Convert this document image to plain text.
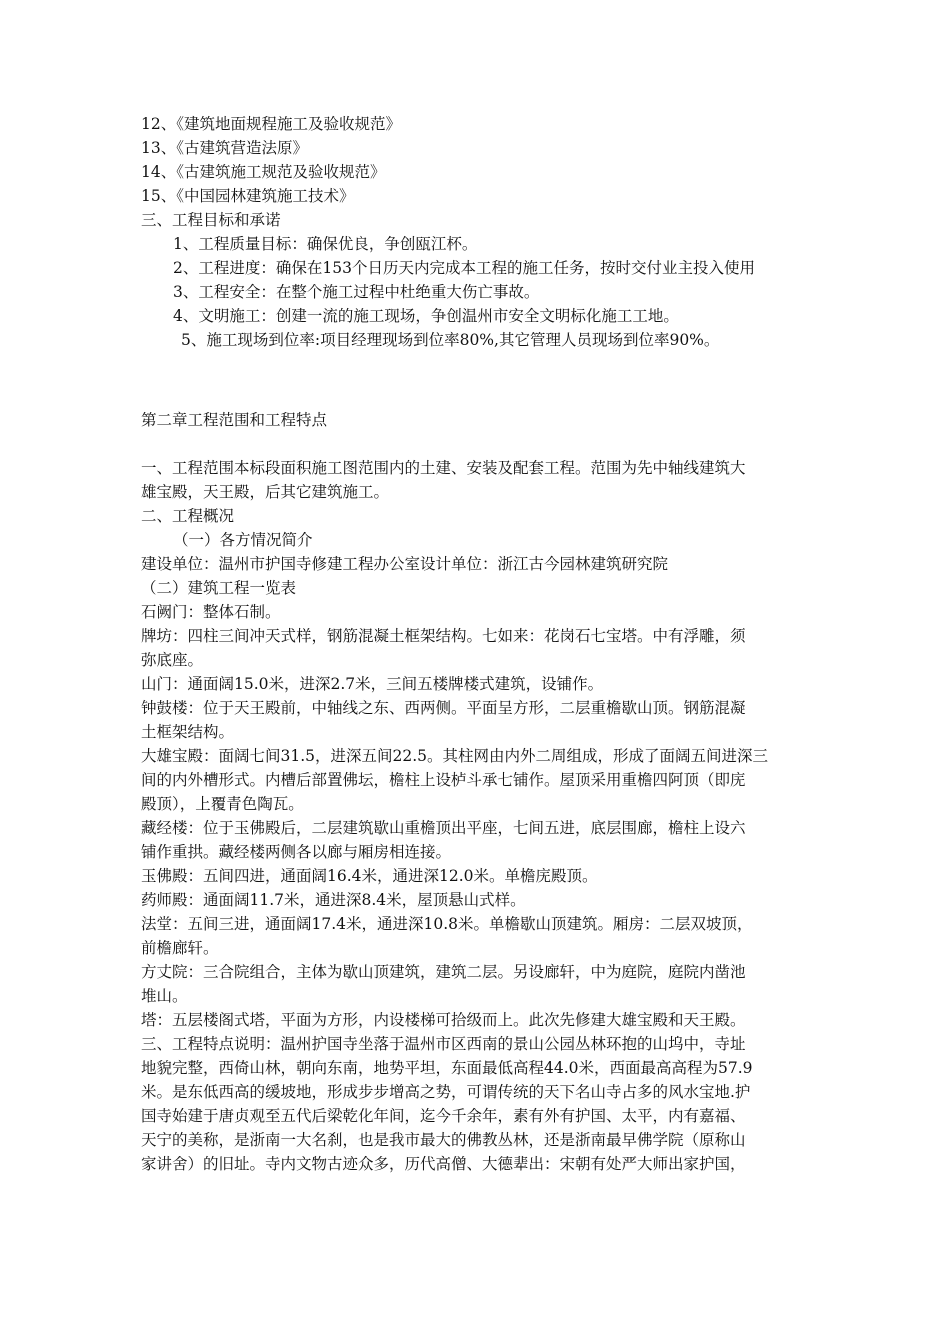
12、《建筑地面规程施工及验收规范》
13、《古建筑营造法原》
14、《古建筑施工规范及验收规范》
15、《中国园林建筑施工技术》
三、工程目标和承诺
1、工程质量目标：确保优良，争创瓯江杯。
2、工程进度：确保在153个日历天内完成本工程的施工任务，按时交付业主投入使用
3、工程安全：在整个施工过程中杜绝重大伤亡事故。
4、文明施工：创建一流的施工现场，争创温州市安全文明标化施工工地。
5、施工现场到位率:项目经理现场到位率80%,其它管理人员现场到位率90%。
第二章工程范围和工程特点
一、工程范围本标段面积施工图范围内的土建、安装及配套工程。范围为先中轴线建筑大
雄宝殿，天王殿，后其它建筑施工。
二、工程概况
（一）各方情况简介
建设单位：温州市护国寺修建工程办公室设计单位：浙江古今园林建筑研究院
（二）建筑工程一览表
石阙门：整体石制。
牌坊：四柱三间冲天式样，钢筋混凝土框架结构。七如来：花岗石七宝塔。中有浮雕，须
弥底座。
山门：通面阔15.0米，进深2.7米，三间五楼牌楼式建筑，设铺作。
钟鼓楼：位于天王殿前，中轴线之东、西两侧。平面呈方形，二层重檐歇山顶。钢筋混凝
土框架结构。
大雄宝殿：面阔七间31.5，进深五间22.5。其柱网由内外二周组成，形成了面阔五间进深三
间的内外槽形式。内槽后部置佛坛，檐柱上设栌斗承七铺作。屋顶采用重檐四阿顶（即庑
殿顶），上覆青色陶瓦。
藏经楼：位于玉佛殿后，二层建筑歇山重檐顶出平座，七间五进，底层围廊，檐柱上设六
铺作重拱。藏经楼两侧各以廊与厢房相连接。
玉佛殿：五间四进，通面阔16.4米，通进深12.0米。单檐庑殿顶。
药师殿：通面阔11.7米，通进深8.4米，屋顶悬山式样。
法堂：五间三进，通面阔17.4米，通进深10.8米。单檐歇山顶建筑。厢房：二层双坡顶，
前檐廊轩。
方丈院：三合院组合，主体为歇山顶建筑，建筑二层。另设廊轩，中为庭院，庭院内凿池
堆山。
塔：五层楼阁式塔，平面为方形，内设楼梯可拾级而上。此次先修建大雄宝殿和天王殿。
三、工程特点说明：温州护国寺坐落于温州市区西南的景山公园丛林环抱的山坞中，寺址
地貌完整，西倚山林，朝向东南，地势平坦，东面最低高程44.0米，西面最高高程为57.9
米。是东低西高的缓坡地，形成步步增高之势，可谓传统的天下名山寺占多的风水宝地.护
国寺始建于唐贞观至五代后梁乾化年间，迄今千余年，素有外有护国、太平，内有嘉福、
天宁的美称，是浙南一大名刹，也是我市最大的佛教丛林，还是浙南最早佛学院（原称山
家讲舍）的旧址。寺内文物古迹众多，历代高僧、大德辈出：宋朝有处严大师出家护国，
